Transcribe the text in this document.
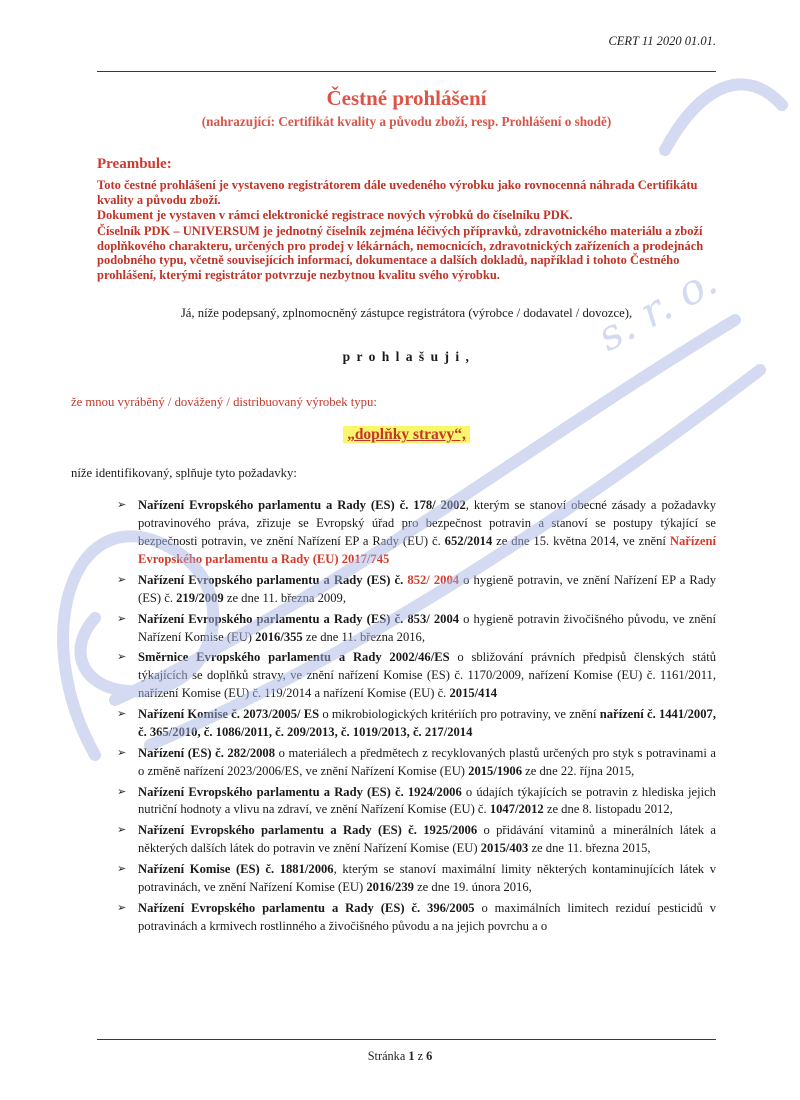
s. r. o.
CERT 11 2020 01.01.
Čestné prohlášení
(nahrazující: Certifikát kvality a původu zboží, resp. Prohlášení o shodě)
Preambule:
Toto čestné prohlášení je vystaveno registrátorem dále uvedeného výrobku jako rovnocenná náhrada Certifikátu kvality a původu zboží.
Dokument je vystaven v rámci elektronické registrace nových výrobků do číselníku PDK.
Číselník PDK – UNIVERSUM je jednotný číselník zejména léčivých přípravků, zdravotnického materiálu a zboží doplňkového charakteru, určených pro prodej v lékárnách, nemocnicích, zdravotnických zařízeních a prodejnách podobného typu, včetně souvisejících informací, dokumentace a dalších dokladů, například i tohoto Čestného prohlášení, kterými registrátor potvrzuje nezbytnou kvalitu svého výrobku.

Já, níže podepsaný, zplnomocněný zástupce registrátora (výrobce / dodavatel / dovozce),

p r o h l a š u j i ,

že mnou vyráběný / dovážený / distribuovaný výrobek typu:

„doplňky stravy“,

níže identifikovaný, splňuje tyto požadavky:

➢ Nařízení Evropského parlamentu a Rady (ES) č. 178/ 2002, kterým se stanoví obecné zásady a požadavky potravinového práva, zřizuje se Evropský úřad pro bezpečnost potravin a stanoví se postupy týkající se bezpečnosti potravin, ve znění Nařízení EP a Rady (EU) č. 652/2014 ze dne 15. května 2014, ve znění Nařízení Evropského parlamentu a Rady (EU) 2017/745
➢ Nařízení Evropského parlamentu a Rady (ES) č. 852/ 2004 o hygieně potravin, ve znění Nařízení EP a Rady (ES) č. 219/2009 ze dne 11. března 2009,
➢ Nařízení Evropského parlamentu a Rady (ES) č. 853/ 2004 o hygieně potravin živočišného původu, ve znění Nařízení Komise (EU) 2016/355 ze dne 11. března 2016,
➢ Směrnice Evropského parlamentu a Rady 2002/46/ES o sbližování právních předpisů členských států týkajících se doplňků stravy, ve znění nařízení Komise (ES) č. 1170/2009, nařízení Komise (EU) č. 1161/2011, nařízení Komise (EU) č. 119/2014 a nařízení Komise (EU) č. 2015/414
➢ Nařízení Komise č. 2073/2005/ ES o mikrobiologických kritériích pro potraviny, ve znění nařízení č. 1441/2007, č. 365/2010, č. 1086/2011, č. 209/2013, č. 1019/2013, č. 217/2014
➢ Nařízení (ES) č. 282/2008 o materiálech a předmětech z recyklovaných plastů určených pro styk s potravinami a o změně nařízení 2023/2006/ES, ve znění Nařízení Komise (EU) 2015/1906 ze dne 22. října 2015,
➢ Nařízení Evropského parlamentu a Rady (ES) č. 1924/2006 o údajích týkajících se potravin z hlediska jejich nutriční hodnoty a vlivu na zdraví, ve znění Nařízení Komise (EU) č. 1047/2012 ze dne 8. listopadu 2012,
➢ Nařízení Evropského parlamentu a Rady (ES) č. 1925/2006 o přidávání vitaminů a minerálních látek a některých dalších látek do potravin ve znění Nařízení Komise (EU) 2015/403 ze dne 11. března 2015,
➢ Nařízení Komise (ES) č. 1881/2006, kterým se stanoví maximální limity některých kontaminujících látek v potravinách, ve znění Nařízení Komise (EU) 2016/239 ze dne 19. února 2016,
➢ Nařízení Evropského parlamentu a Rady (ES) č. 396/2005 o maximálních limitech reziduí pesticidů v potravinách a krmivech rostlinného a živočišného původu a na jejich povrchu a o
Stránka 1 z 6
